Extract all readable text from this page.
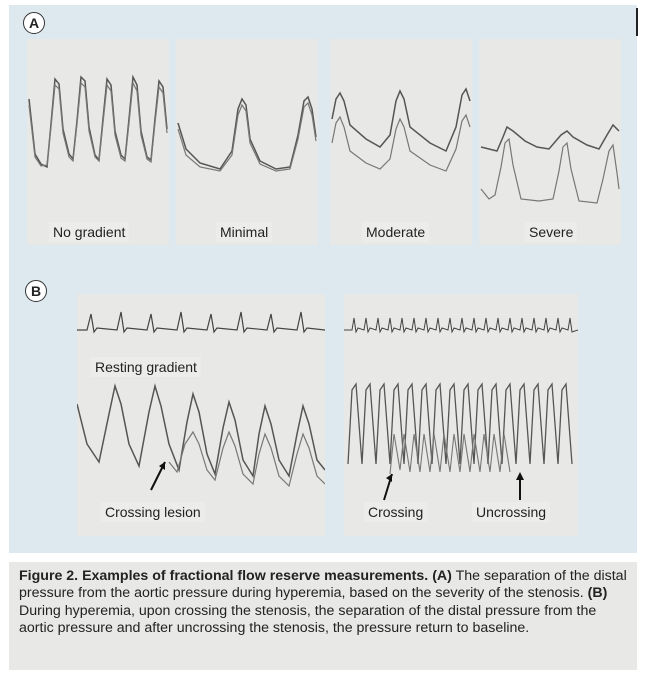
A
No gradient	Minimal	Moderate	Severe
B
Resting gradient
Crossing lesion	Crossing	Uncrossing
Figure 2. Examples of fractional flow reserve measurements. (A) The separation of the distal pressure from the aortic pressure during hyperemia, based on the severity of the stenosis. (B) During hyperemia, upon crossing the stenosis, the separation of the distal pressure from the aortic pressure and after uncrossing the stenosis, the pressure return to baseline.
